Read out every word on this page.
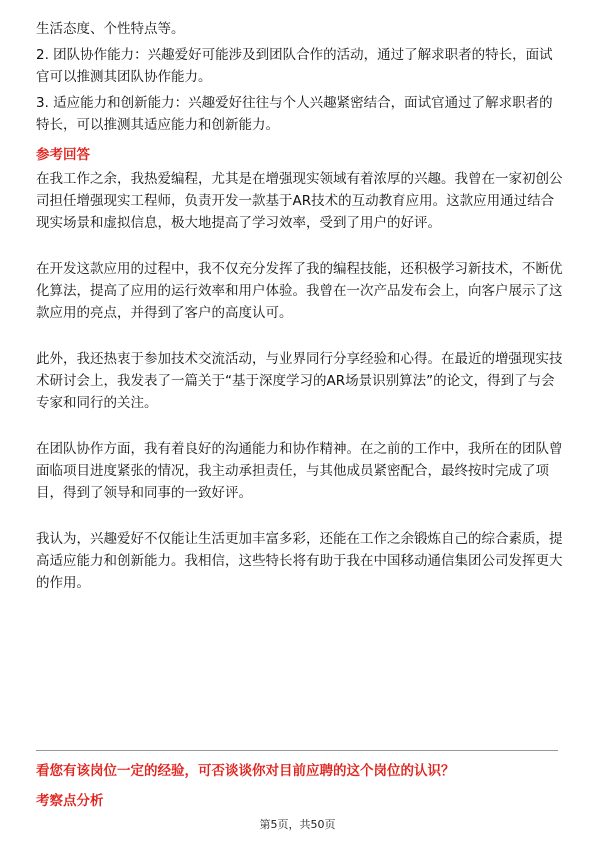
生活态度、个性特点等。

2. 团队协作能力：兴趣爱好可能涉及到团队合作的活动，通过了解求职者的特长，面试官可以推测其团队协作能力。

3. 适应能力和创新能力：兴趣爱好往往与个人兴趣紧密结合，面试官通过了解求职者的特长，可以推测其适应能力和创新能力。

参考回答

在我工作之余，我热爱编程，尤其是在增强现实领域有着浓厚的兴趣。我曾在一家初创公司担任增强现实工程师，负责开发一款基于AR技术的互动教育应用。这款应用通过结合现实场景和虚拟信息，极大地提高了学习效率，受到了用户的好评。

在开发这款应用的过程中，我不仅充分发挥了我的编程技能，还积极学习新技术，不断优化算法，提高了应用的运行效率和用户体验。我曾在一次产品发布会上，向客户展示了这款应用的亮点，并得到了客户的高度认可。

此外，我还热衷于参加技术交流活动，与业界同行分享经验和心得。在最近的增强现实技术研讨会上，我发表了一篇关于“基于深度学习的AR场景识别算法”的论文，得到了与会专家和同行的关注。

在团队协作方面，我有着良好的沟通能力和协作精神。在之前的工作中，我所在的团队曾面临项目进度紧张的情况，我主动承担责任，与其他成员紧密配合，最终按时完成了项目，得到了领导和同事的一致好评。

我认为，兴趣爱好不仅能让生活更加丰富多彩，还能在工作之余锻炼自己的综合素质，提高适应能力和创新能力。我相信，这些特长将有助于我在中国移动通信集团公司发挥更大的作用。

看您有该岗位一定的经验，可否谈谈你对目前应聘的这个岗位的认识？
考察点分析
第5页，共50页
